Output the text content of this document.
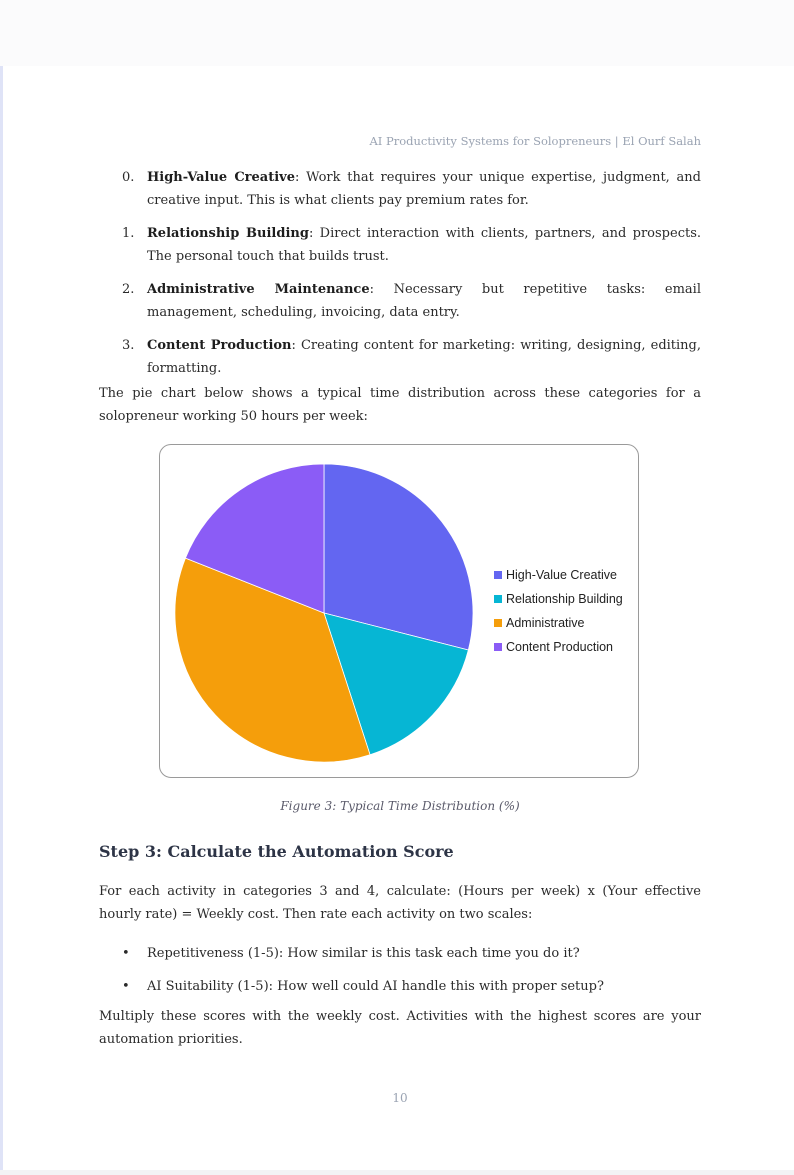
AI Productivity Systems for Solopreneurs | El Ourf Salah
0. High-Value Creative: Work that requires your unique expertise, judgment, and creative input. This is what clients pay premium rates for.
1. Relationship Building: Direct interaction with clients, partners, and prospects. The personal touch that builds trust.
2. Administrative Maintenance: Necessary but repetitive tasks: email management, scheduling, invoicing, data entry.
3. Content Production: Creating content for marketing: writing, designing, editing, formatting.

The pie chart below shows a typical time distribution across these categories for a solopreneur working 50 hours per week:

High-Value Creative
Relationship Building
Administrative
Content Production
Figure 3: Typical Time Distribution (%)
Step 3: Calculate the Automation Score

For each activity in categories 3 and 4, calculate: (Hours per week) x (Your effective hourly rate) = Weekly cost. Then rate each activity on two scales:

• Repetitiveness (1-5): How similar is this task each time you do it?
• AI Suitability (1-5): How well could AI handle this with proper setup?

Multiply these scores with the weekly cost. Activities with the highest scores are your automation priorities.

10
